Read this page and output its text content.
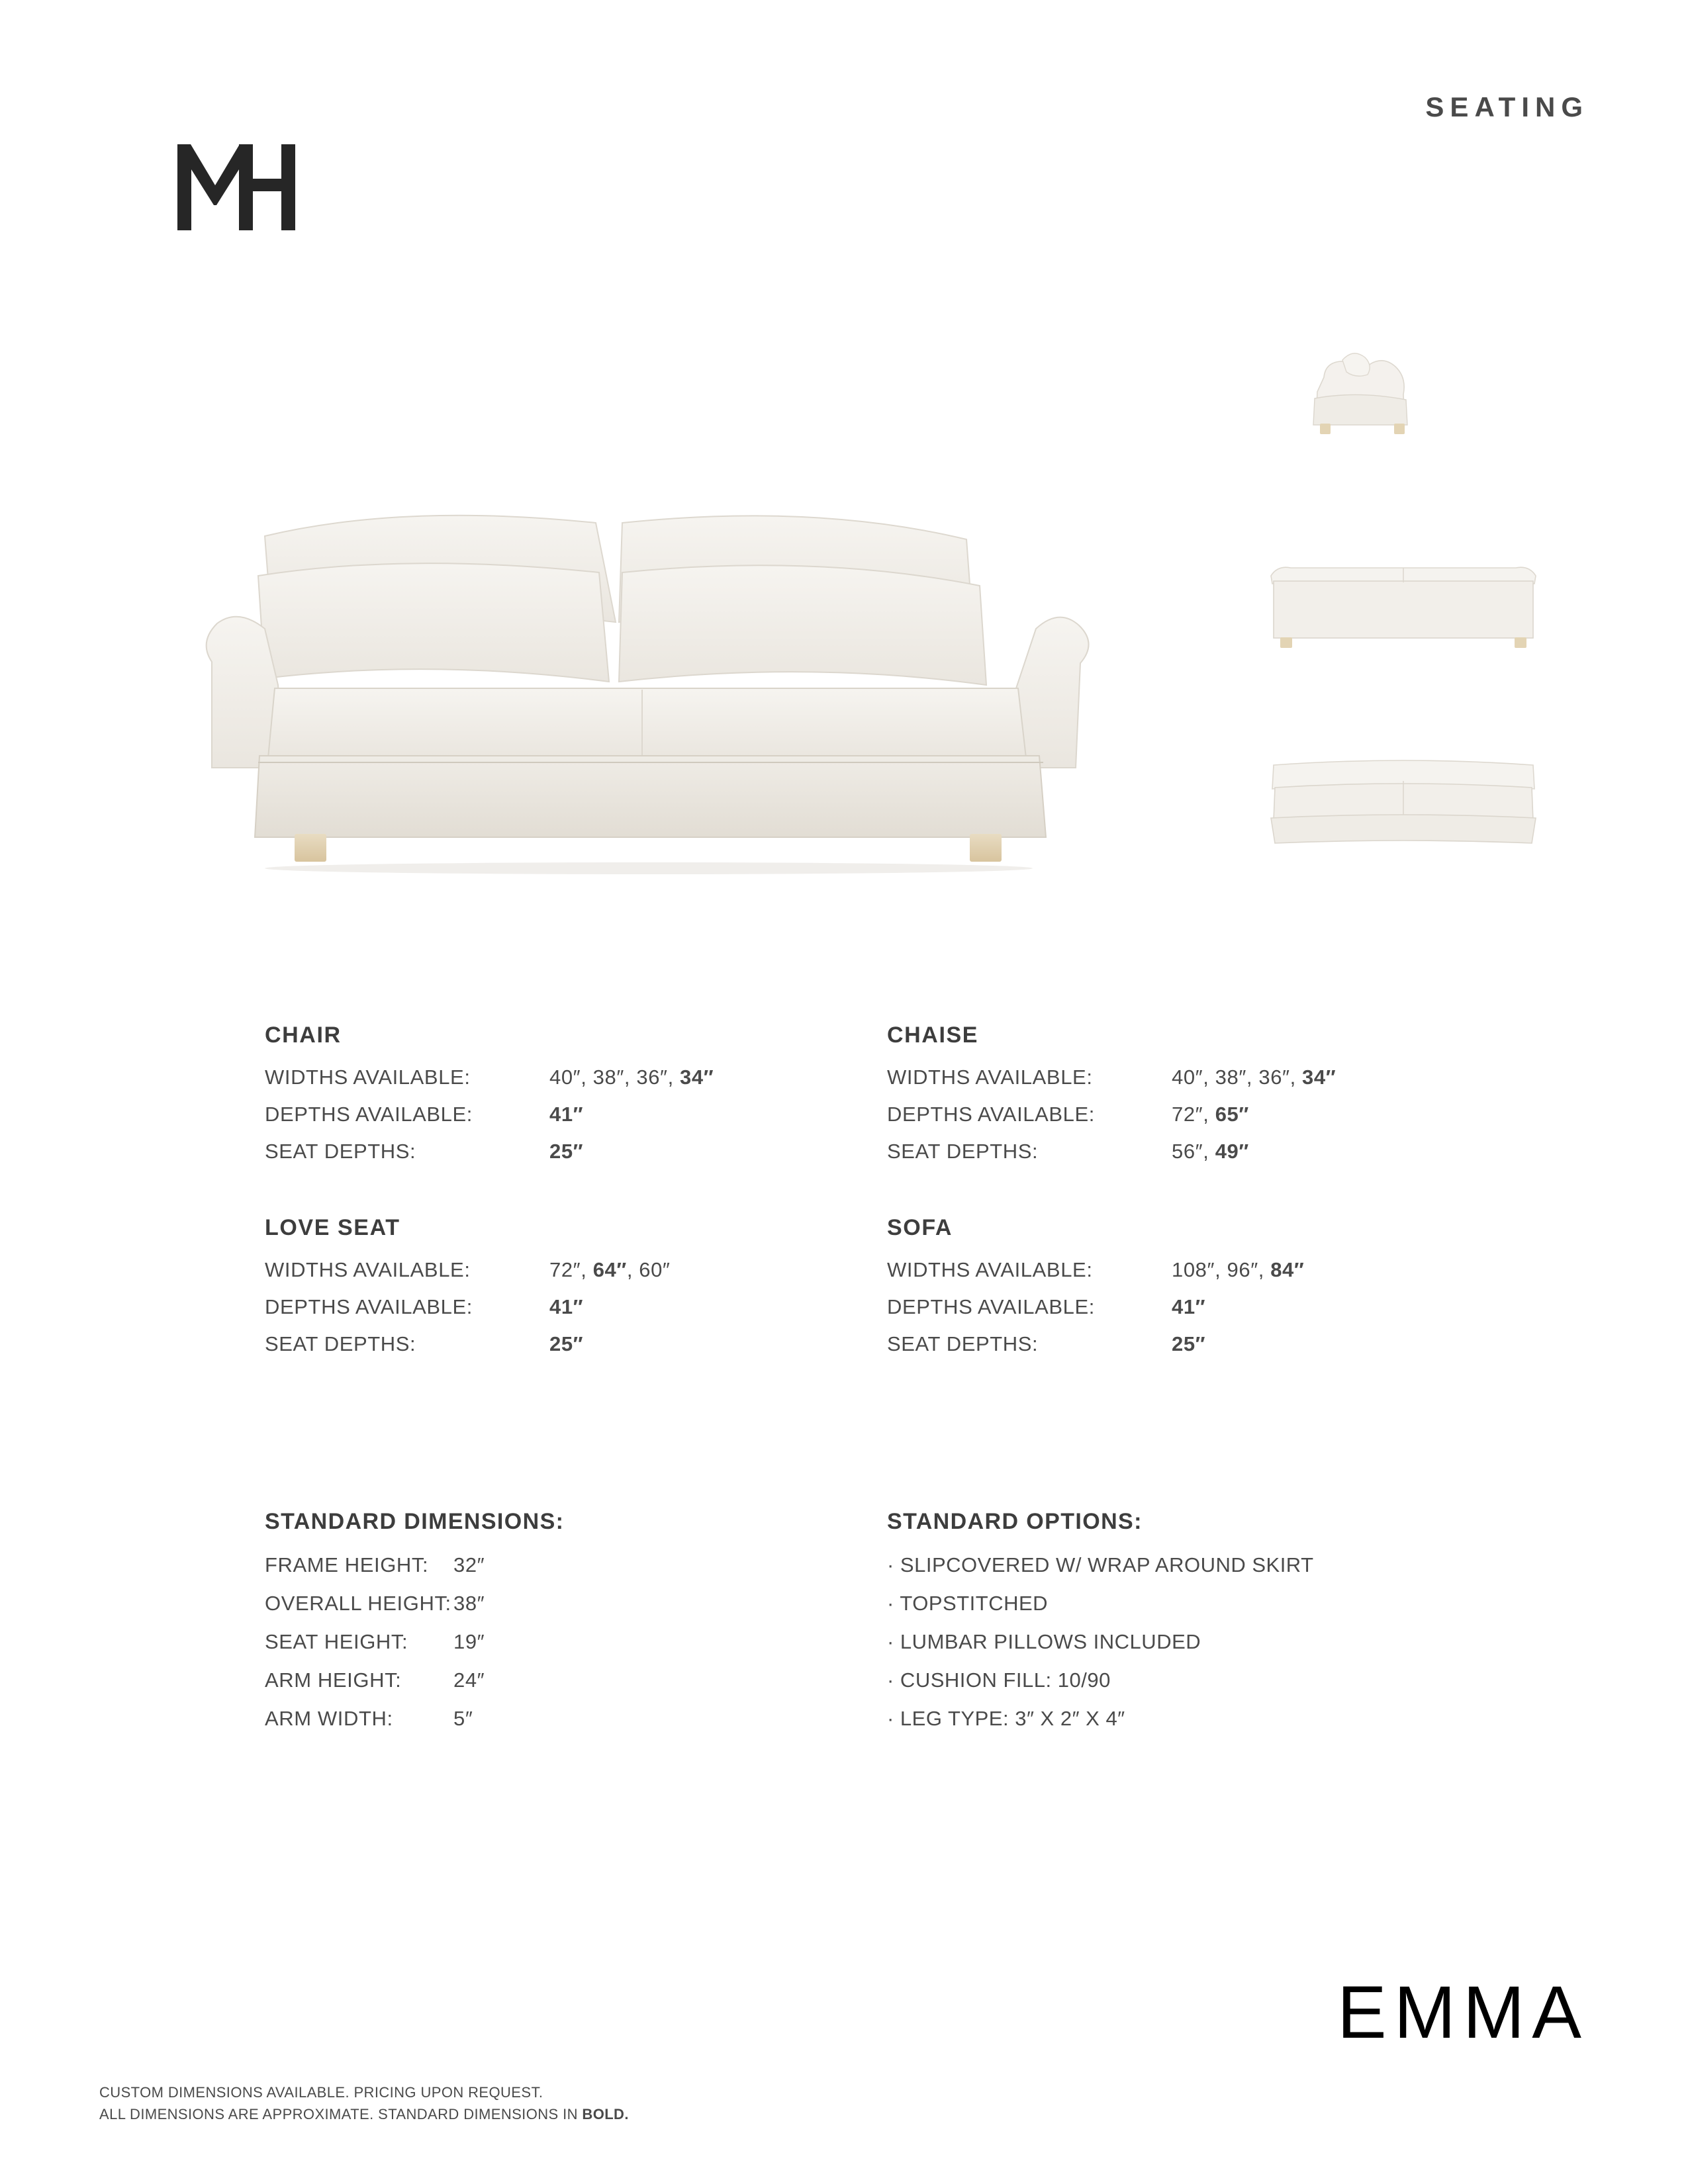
SEATING
CHAIR
WIDTHS AVAILABLE:	40″, 38″, 36″, 34″
DEPTHS AVAILABLE:	41″
SEAT DEPTHS:	25″
CHAISE
WIDTHS AVAILABLE:	40″, 38″, 36″, 34″
DEPTHS AVAILABLE:	72″, 65″
SEAT DEPTHS:	56″, 49″
LOVE SEAT
WIDTHS AVAILABLE:	72″, 64″, 60″
DEPTHS AVAILABLE:	41″
SEAT DEPTHS:	25″
SOFA
WIDTHS AVAILABLE:	108″, 96″, 84″
DEPTHS AVAILABLE:	41″
SEAT DEPTHS:	25″
STANDARD DIMENSIONS:
FRAME HEIGHT:	32″
OVERALL HEIGHT: 38″
SEAT HEIGHT:	19″
ARM HEIGHT:	24″
ARM WIDTH:	5″
STANDARD OPTIONS:
· SLIPCOVERED W/ WRAP AROUND SKIRT
· TOPSTITCHED
· LUMBAR PILLOWS INCLUDED
· CUSHION FILL: 10/90
· LEG TYPE: 3″ X 2″ X 4″
EMMA
CUSTOM DIMENSIONS AVAILABLE. PRICING UPON REQUEST.
ALL DIMENSIONS ARE APPROXIMATE. STANDARD DIMENSIONS IN BOLD.
